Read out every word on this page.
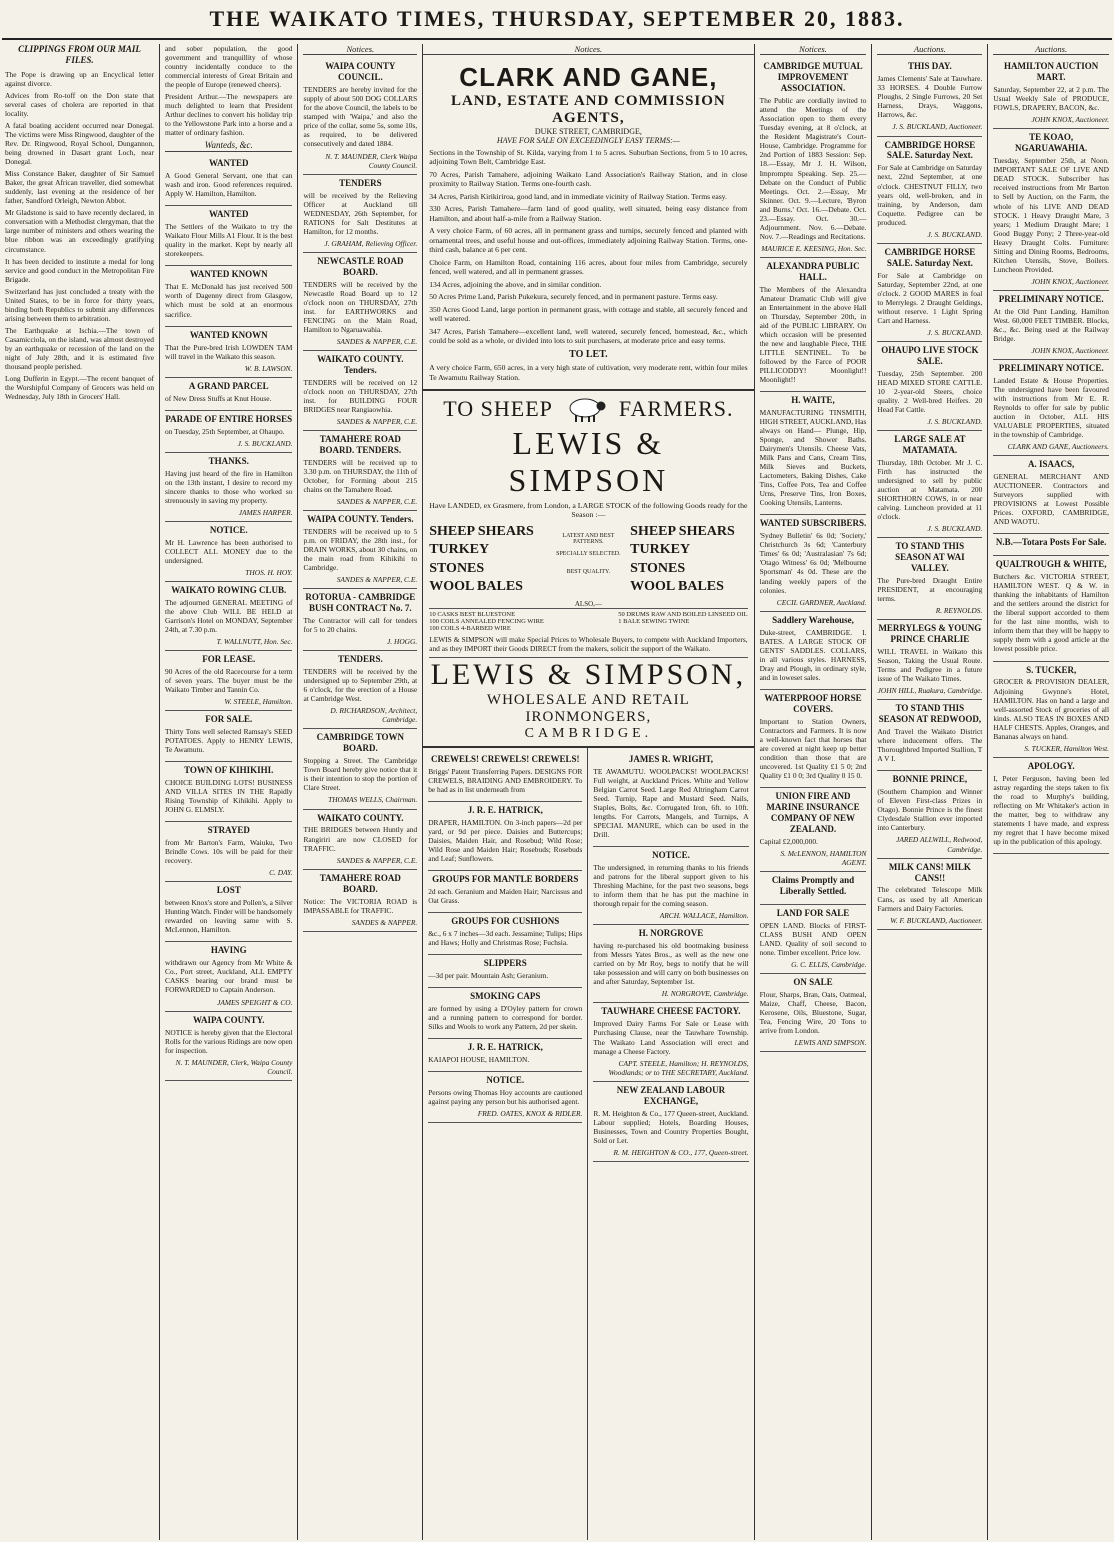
THE WAIKATO TIMES, THURSDAY, SEPTEMBER 20, 1883.
CLIPPINGS FROM OUR MAIL FILES.

The Pope is drawing up an Encyclical letter against divorce.

Advices from Ro-toff on the Don state that several cases of cholera are reported in that locality.

A fatal boating accident occurred near Donegal. The victims were Miss Ringwood, daughter of the Rev. Dr. Ringwood, Royal School, Dungannon, being drowned in Dasart grant Loch, near Donegal.

Miss Constance Baker, daughter of Sir Samuel Baker, the great African traveller, died somewhat suddenly, last evening at the residence of her father, Sandford Orleigh, Newton Abbot.

Mr Gladstone is said to have recently declared, in conversation with a Methodist clergyman, that the large number of ministers and others wearing the blue ribbon was an exceedingly gratifying circumstance.

It has been decided to institute a medal for long service and good conduct in the Metropolitan Fire Brigade.

Switzerland has just concluded a treaty with the United States, to be in force for thirty years, binding both Republics to submit any differences arising between them to arbitration.

The Earthquake at Ischia.—The town of Casamicciola, on the island, was almost destroyed by an earthquake or recession of the land on the night of July 28th, and it is estimated five thousand people perished.

Long Dufferin in Egypt.—The recent banquet of the Worshipful Company of Grocers was held on Wednesday, July 18th in Grocers' Hall.

and sober population, the good government and tranquillity of whose country incidentally conduce to the commercial interests of Great Britain and the people of Europe (renewed cheers).

President Arthur.—The newspapers are much delighted to learn that President Arthur declines to convert his holiday trip to the Yellowstone Park into a horse and a matter of ordinary fashion.

Wanteds, &c.
WANTED

A Good General Servant, one that can wash and iron. Good references required. Apply W. Hamilton, Hamilton.

WANTED

The Settlers of the Waikato to try the Waikato Flour Mills A1 Flour. It is the best quality in the market. Kept by nearly all storekeepers.

WANTED KNOWN

That E. McDonald has just received 500 worth of Dagenny direct from Glasgow, which must be sold at an enormous sacrifice.

WANTED KNOWN

That the Pure-bred Irish LOWDEN TAM will travel in the Waikato this season.

W. B. LAWSON.
A GRAND PARCEL

of New Dress Stuffs at Knut House.

PARADE OF ENTIRE HORSES

on Tuesday, 25th September, at Ohaupo.

J. S. BUCKLAND.
THANKS.

Having just heard of the fire in Hamilton on the 13th instant, I desire to record my sincere thanks to those who worked so strenuously in saving my property.

JAMES HARPER.
NOTICE.

Mr H. Lawrence has been authorised to COLLECT ALL MONEY due to the undersigned.

THOS. H. HOY.
WAIKATO ROWING CLUB.

The adjourned GENERAL MEETING of the above Club WILL BE HELD at Garrison's Hotel on MONDAY, September 24th, at 7.30 p.m.

T. WALLNUTT, Hon. Sec.
FOR LEASE.

90 Acres of the old Racecourse for a term of seven years. The buyer must be the Waikato Timber and Tannin Co.

W. STEELE, Hamilton.
FOR SALE.

Thirty Tons well selected Ramsay's SEED POTATOES. Apply to HENRY LEWIS, Te Awamutu.

TOWN OF KIHIKIHI.

CHOICE BUILDING LOTS! BUSINESS AND VILLA SITES IN THE Rapidly Rising Township of Kihikihi. Apply to JOHN G. ELMSLY.

STRAYED

from Mr Barton's Farm, Waiuku, Two Brindle Cows. 10s will be paid for their recovery.

C. DAY.
LOST

between Knox's store and Pollen's, a Silver Hunting Watch. Finder will be handsomely rewarded on leaving same with S. McLennon, Hamilton.

HAVING

withdrawn our Agency from Mr White & Co., Port street, Auckland, ALL EMPTY CASKS bearing our brand must be FORWARDED to Captain Anderson.

JAMES SPEIGHT & CO.
WAIPA COUNTY.

NOTICE is hereby given that the Electoral Rolls for the various Ridings are now open for inspection.

N. T. MAUNDER, Clerk, Waipa County Council.
Notices.
WAIPA COUNTY COUNCIL.

TENDERS are hereby invited for the supply of about 500 DOG COLLARS for the above Council, the labels to be stamped with 'Waipa,' and also the price of the collar, some 5s, some 10s, as required, to be delivered consecutively and dated 1884.

N. T. MAUNDER, Clerk Waipa County Council.
TENDERS

will be received by the Relieving Officer at Auckland till WEDNESDAY, 26th September, for RATIONS for Salt Destitutes at Hamilton, for 12 months.

J. GRAHAM, Relieving Officer.
NEWCASTLE ROAD BOARD.

TENDERS will be received by the Newcastle Road Board up to 12 o'clock noon on THURSDAY, 27th inst. for EARTHWORKS and FENCING on the Main Road, Hamilton to Ngaruawahia.

SANDES & NAPPER, C.E.
WAIKATO COUNTY. Tenders.

TENDERS will be received on 12 o'clock noon on THURSDAY, 27th inst. for BUILDING FOUR BRIDGES near Rangiaowhia.

SANDES & NAPPER, C.E.
TAMAHERE ROAD BOARD. TENDERS.

TENDERS will be received up to 3.30 p.m. on THURSDAY, the 11th of October, for Forming about 215 chains on the Tamahere Road.

SANDES & NAPPER, C.E.
WAIPA COUNTY. Tenders.

TENDERS will be received up to 5 p.m. on FRIDAY, the 28th inst., for DRAIN WORKS, about 30 chains, on the main road from Kihikihi to Cambridge.

SANDES & NAPPER, C.E.
ROTORUA - CAMBRIDGE BUSH CONTRACT No. 7.

The Contractor will call for tenders for 5 to 20 chains.

J. HOGG.
TENDERS.

TENDERS will be received by the undersigned up to September 29th, at 6 o'clock, for the erection of a House at Cambridge West.

D. RICHARDSON, Architect, Cambridge.
CAMBRIDGE TOWN BOARD.

Stopping a Street. The Cambridge Town Board hereby give notice that it is their intention to stop the portion of Clare Street.

THOMAS WELLS, Chairman.
WAIKATO COUNTY.

THE BRIDGES between Huntly and Rangiriri are now CLOSED for TRAFFIC.

SANDES & NAPPER, C.E.
TAMAHERE ROAD BOARD.

Notice: The VICTORIA ROAD is IMPASSABLE for TRAFFIC.

SANDES & NAPPER.
Notices.
CLARK AND GANE,
LAND, ESTATE AND COMMISSION AGENTS,
DUKE STREET, CAMBRIDGE,
HAVE FOR SALE ON EXCEEDINGLY EASY TERMS:—

Sections in the Township of St. Kilda, varying from 1 to 5 acres. Suburban Sections, from 5 to 10 acres, adjoining Town Belt, Cambridge East.

70 Acres, Parish Tamahere, adjoining Waikato Land Association's Railway Station, and in close proximity to Railway Station. Terms one-fourth cash.

34 Acres, Parish Kirikiriroa, good land, and in immediate vicinity of Railway Station. Terms easy.

330 Acres, Parish Tamahere—farm land of good quality, well situated, being easy distance from Hamilton, and about half-a-mile from a Railway Station.

A very choice Farm, of 60 acres, all in permanent grass and turnips, securely fenced and planted with ornamental trees, and useful house and out-offices, immediately adjoining Railway Station. Terms, one-third cash, balance at 6 per cent.

Choice Farm, on Hamilton Road, containing 116 acres, about four miles from Cambridge, securely fenced, well watered, and all in permanent grasses.

134 Acres, adjoining the above, and in similar condition.

50 Acres Prime Land, Parish Pukekura, securely fenced, and in permanent pasture. Terms easy.

350 Acres Good Land, large portion in permanent grass, with cottage and stable, all securely fenced and well watered.

347 Acres, Parish Tamahere—excellent land, well watered, securely fenced, homestead, &c., which could be sold as a whole, or divided into lots to suit purchasers, at moderate price and easy terms.

TO LET.

A very choice Farm, 650 acres, in a very high state of cultivation, very moderate rent, within four miles Te Awamutu Railway Station.

TO SHEEP	FARMERS.
LEWIS & SIMPSON
Have LANDED, ex Grasmere, from London, a LARGE STOCK of the following Goods ready for the Season :—
SHEEP SHEARS
TURKEY STONES
WOOL BALES
LATEST AND BEST PATTERNS.
SPECIALLY SELECTED.
BEST QUALITY.
SHEEP SHEARS
TURKEY STONES
WOOL BALES
ALSO,—
10 CASKS BEST BLUESTONE
100 COILS ANNEALED FENCING WIRE
100 COILS 4-BARBED WIRE
50 DRUMS RAW AND BOILED LINSEED OIL
1 BALE SEWING TWINE

LEWIS & SIMPSON will make Special Prices to Wholesale Buyers, to compete with Auckland Importers, and as they IMPORT their Goods DIRECT from the makers, solicit the support of the Waikato.

LEWIS & SIMPSON,
WHOLESALE AND RETAIL IRONMONGERS,
CAMBRIDGE.
CREWELS! CREWELS! CREWELS!

Briggs' Patent Transferring Papers. DESIGNS FOR CREWELS, BRAIDING AND EMBROIDERY. To be had as in list underneath from

J. R. E. HATRICK,

DRAPER, HAMILTON. On 3-inch papers—2d per yard, or 9d per piece. Daisies and Buttercups; Daisies, Maiden Hair, and Rosebud; Wild Rose; Wild Rose and Maiden Hair; Rosebuds; Rosebuds and Leaf; Sunflowers.

GROUPS FOR MANTLE BORDERS

2d each. Geranium and Maiden Hair; Narcissus and Oat Grass.

GROUPS FOR CUSHIONS

&c., 6 x 7 inches—3d each. Jessamine; Tulips; Hips and Haws; Holly and Christmas Rose; Fuchsia.

SLIPPERS

—3d per pair. Mountain Ash; Geranium.

SMOKING CAPS

are formed by using a D'Oyley pattern for crown and a running pattern to correspond for border. Silks and Wools to work any Pattern, 2d per skein.

J. R. E. HATRICK,

KAIAPOI HOUSE, HAMILTON.

NOTICE.

Persons owing Thomas Hoy accounts are cautioned against paying any person but his authorised agent.

FRED. OATES, KNOX & RIDLER.
JAMES R. WRIGHT,

TE AWAMUTU. WOOLPACKS! WOOLPACKS! Full weight, at Auckland Prices. White and Yellow Belgian Carrot Seed. Large Red Altringham Carrot Seed. Turnip, Rape and Mustard Seed. Nails, Staples, Bolts, &c. Corrugated Iron, 6ft. to 10ft. lengths. For Carrots, Mangels, and Turnips, A SPECIAL MANURE, which can be used in the Drill.

NOTICE.

The undersigned, in returning thanks to his friends and patrons for the liberal support given to his Threshing Machine, for the past two seasons, begs to inform them that he has put the machine in thorough repair for the coming season.

ARCH. WALLACE, Hamilton.
H. NORGROVE

having re-purchased his old bootmaking business from Messrs Yates Bros., as well as the new one carried on by Mr Roy, begs to notify that he will take possession and will carry on both businesses on and after Saturday, September 1st.

H. NORGROVE, Cambridge.
TAUWHARE CHEESE FACTORY.

Improved Dairy Farms For Sale or Lease with Purchasing Clause, near the Tauwhare Township. The Waikato Land Association will erect and manage a Cheese Factory.

CAPT. STEELE, Hamilton; H. REYNOLDS, Woodlands; or to THE SECRETARY, Auckland.
NEW ZEALAND LABOUR EXCHANGE,

R. M. Heighton & Co., 177 Queen-street, Auckland. Labour supplied; Hotels, Boarding Houses, Businesses, Town and Country Properties Bought, Sold or Let.

R. M. HEIGHTON & CO., 177, Queen-street.
Notices.
CAMBRIDGE MUTUAL IMPROVEMENT ASSOCIATION.

The Public are cordially invited to attend the Meetings of the Association open to them every Tuesday evening, at 8 o'clock, at the Resident Magistrate's Court-House, Cambridge. Programme for 2nd Portion of 1883 Session: Sep. 18.—Essay, Mr J. H. Wilson, Impromptu Speaking. Sep. 25.—Debate on the Conduct of Public Meetings. Oct. 2.—Essay, Mr Skinner. Oct. 9.—Lecture, 'Byron and Burns.' Oct. 16.—Debate. Oct. 23.—Essay. Oct. 30.—Adjournment. Nov. 6.—Debate. Nov. 7.—Readings and Recitations.

MAURICE E. KEESING, Hon. Sec.
ALEXANDRA PUBLIC HALL.

The Members of the Alexandra Amateur Dramatic Club will give an Entertainment in the above Hall on Thursday, September 20th, in aid of the PUBLIC LIBRARY. On which occasion will be presented the new and laughable Piece, THE LITTLE SENTINEL. To be followed by the Farce of POOR PILLICODDY! Moonlight!! Moonlight!!

H. WAITE,

MANUFACTURING TINSMITH, HIGH STREET, AUCKLAND, Has always on Hand— Plunge, Hip, Sponge, and Shower Baths. Dairymen's Utensils. Cheese Vats, Milk Pans and Cans, Cream Tins, Milk Sieves and Buckets, Lactometers, Baking Dishes, Cake Tins, Coffee Pots, Tea and Coffee Urns, Preserve Tins, Iron Boxes, Cooking Utensils, Lanterns.

WANTED SUBSCRIBERS.

'Sydney Bulletin' 6s 0d; 'Society,' Christchurch 3s 6d; 'Canterbury Times' 6s 0d; 'Australasian' 7s 6d; 'Otago Witness' 6s 0d; 'Melbourne Sportsman' 4s 0d. These are the landing weekly papers of the colonies.

CECIL GARDNER, Auckland.
Saddlery Warehouse,

Duke-street, CAMBRIDGE. I. BATES. A LARGE STOCK OF GENTS' SADDLES. COLLARS, in all various styles. HARNESS, Dray and Plough, in ordinary style, and in loweset sales.

WATERPROOF HORSE COVERS.

Important to Station Owners, Contractors and Farmers. It is now a well-known fact that horses that are covered at night keep up better condition than those that are uncovered. 1st Quality £1 5 0; 2nd Quality £1 0 0; 3rd Quality 0 15 0.

UNION FIRE AND MARINE INSURANCE COMPANY OF NEW ZEALAND.

Capital £2,000,000.

S. McLENNON, HAMILTON AGENT.
Claims Promptly and Liberally Settled.

LAND FOR SALE

OPEN LAND. Blocks of FIRST-CLASS BUSH AND OPEN LAND. Quality of soil second to none. Timber excellent. Price low.

G. C. ELLIS, Cambridge.
ON SALE

Flour, Sharps, Bran, Oats, Oatmeal, Maize, Chaff, Cheese, Bacon, Kerosene, Oils, Bluestone, Sugar, Tea, Fencing Wire, 20 Tons to arrive from London.

LEWIS AND SIMPSON.
Auctions.
THIS DAY.

James Clements' Sale at Tauwhare. 33 HORSES. 4 Double Furrow Ploughs, 2 Single Furrows, 20 Set Harness, Drays, Waggons, Harrows, &c.

J. S. BUCKLAND, Auctioneer.
CAMBRIDGE HORSE SALE. Saturday Next.

For Sale at Cambridge on Saturday next, 22nd September, at one o'clock. CHESTNUT FILLY, two years old, well-broken, and in training, by Anderson, dam Coquette. Pedigree can be produced.

J. S. BUCKLAND.
CAMBRIDGE HORSE SALE. Saturday Next.

For Sale at Cambridge on Saturday, September 22nd, at one o'clock. 2 GOOD MARES in foal to Merrylegs. 2 Draught Geldings, without reserve. 1 Light Spring Cart and Harness.

J. S. BUCKLAND.
OHAUPO LIVE STOCK SALE.

Tuesday, 25th September. 200 HEAD MIXED STORE CATTLE. 10 2-year-old Steers, choice quality. 2 Well-bred Heifers. 20 Head Fat Cattle.

J. S. BUCKLAND.
LARGE SALE AT MATAMATA.

Thursday, 18th October. Mr J. C. Firth has instructed the undersigned to sell by public auction at Matamata. 200 SHORTHORN COWS, in or near calving. Luncheon provided at 11 o'clock.

J. S. BUCKLAND.
TO STAND THIS SEASON AT WAI VALLEY.

The Pure-bred Draught Entire PRESIDENT, at encouraging terms.

R. REYNOLDS.
MERRYLEGS & YOUNG PRINCE CHARLIE

WILL TRAVEL in Waikato this Season, Taking the Usual Route. Terms and Pedigree in a future issue of The Waikato Times.

JOHN HILL, Ruakura, Cambridge.
TO STAND THIS SEASON AT REDWOOD,

And Travel the Waikato District where inducement offers. The Thoroughbred Imported Stallion, T A V I.

BONNIE PRINCE,

(Southern Champion and Winner of Eleven First-class Prizes in Otago). Bonnie Prince is the finest Clydesdale Stallion ever imported into Canterbury.

JARED ALLWILL, Redwood, Cambridge.
MILK CANS! MILK CANS!!

The celebrated Telescope Milk Cans, as used by all American Farmers and Dairy Factories.

W. F. BUCKLAND, Auctioneer.
Auctions.
HAMILTON AUCTION MART.

Saturday, September 22, at 2 p.m. The Usual Weekly Sale of PRODUCE, FOWLS, DRAPERY, BACON, &c.

JOHN KNOX, Auctioneer.
TE KOAO, NGARUAWAHIA.

Tuesday, September 25th, at Noon. IMPORTANT SALE OF LIVE AND DEAD STOCK. Subscriber has received instructions from Mr Barton to Sell by Auction, on the Farm, the whole of his LIVE AND DEAD STOCK. 1 Heavy Draught Mare, 3 years; 1 Medium Draught Mare; 1 Good Buggy Pony; 2 Three-year-old Heavy Draught Colts. Furniture: Sitting and Dining Rooms, Bedrooms, Kitchen Utensils, Stove, Boilers. Luncheon Provided.

JOHN KNOX, Auctioneer.
PRELIMINARY NOTICE.

At the Old Punt Landing, Hamilton West. 60,000 FEET TIMBER. Blocks, &c., &c. Being used at the Railway Bridge.

JOHN KNOX, Auctioneer.
PRELIMINARY NOTICE.

Landed Estate & House Properties. The undersigned have been favoured with instructions from Mr E. R. Reynolds to offer for sale by public auction in October, ALL HIS VALUABLE PROPERTIES, situated in the township of Cambridge.

CLARK AND GANE, Auctioneers.
A. ISAACS,

GENERAL MERCHANT AND AUCTIONEER. Contractors and Surveyors supplied with PROVISIONS at Lowest Possible Prices. OXFORD, CAMBRIDGE, AND WAOTU.

N.B.—Totara Posts For Sale.

QUALTROUGH & WHITE,

Butchers &c. VICTORIA STREET, HAMILTON WEST. Q & W. in thanking the inhabitants of Hamilton and the settlers around the district for the liberal support accorded to them for the last nine months, wish to inform them that they will be happy to supply them with a good article at the lowest possible price.

S. TUCKER,

GROCER & PROVISION DEALER, Adjoining Gwynne's Hotel, HAMILTON. Has on hand a large and well-assorted Stock of groceries of all kinds. ALSO TEAS IN BOXES AND HALF CHESTS. Apples, Oranges, and Bananas always on hand.

S. TUCKER, Hamilton West.
APOLOGY.

I, Peter Ferguson, having been led astray regarding the steps taken to fix the road to Murphy's building, reflecting on Mr Whitaker's action in the matter, beg to withdraw any statements I have made, and express my regret that I have become mixed up in the publication of this apology.
